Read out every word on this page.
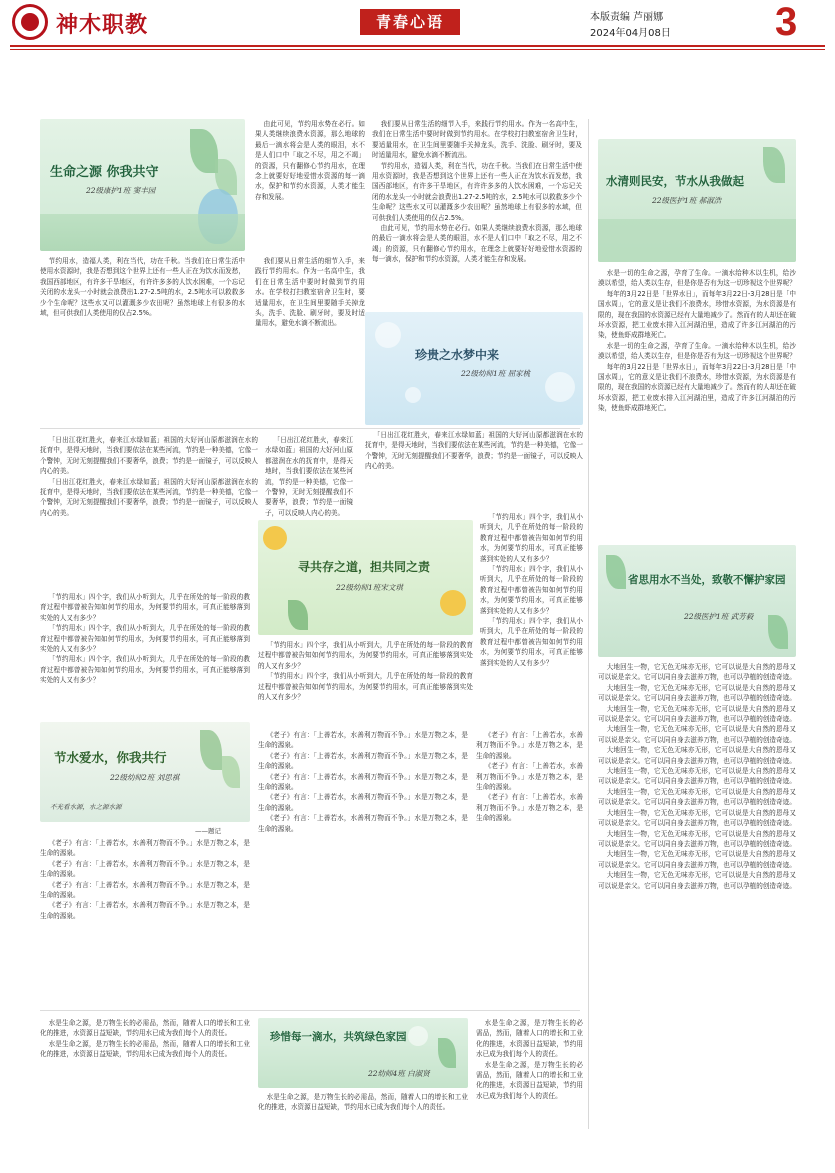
神木职教	青春心语	本版责编 芦丽娜
2024年04月08日	3
生命之源 你我共守
22级康护1班 窦丰园

节约用水，造福人类，利在当代，功在千秋。当我们在日常生活中使用水资源时，我是否想到这个世界上还有一些人正在为饮水而发愁，我国西部地区，有许多干旱地区，有许许多多的人饮水困难，一个忘记关闭的水龙头一小时就会浪费出1.27-2.5吨的水，2.5吨水可以救救多少个生命呢？这些水又可以灌溉多少农田呢？虽然地球上有很多的水域，但可供我们人类使用的仅占2.5%。

由此可见，节约用水势在必行。如果人类继续浪费水资源，那么地球的最后一滴水将会是人类的眼泪，水不是人们口中「取之不尽，用之不竭」的资源，只有翻修心节约用水，在理念上就要好好地爱惜水资源的每一滴水，保护和节约水资源，人类才能生存和发展。

我们要从日常生活的细节入手，来践行节约用水。作为一名高中生，我们在日常生活中要时时做到节约用水。在学校打扫教室宿舍卫生时，要适量用水，在卫生间里要随手关掉龙头，洗手、洗脸、刷牙时，要及时适量用水，避免水滴不断流出。

我们要从日常生活的细节入手，来践行节约用水。作为一名高中生，我们在日常生活中要时时做到节约用水。在学校打扫教室宿舍卫生时，要适量用水，在卫生间里要随手关掉龙头，洗手、洗脸、刷牙时，要及时适量用水，避免水滴不断流出。

节约用水，造福人类，利在当代，功在千秋。当我们在日常生活中使用水资源时，我是否想到这个世界上还有一些人正在为饮水而发愁，我国西部地区，有许多干旱地区，有许许多多的人饮水困难，一个忘记关闭的水龙头一小时就会浪费出1.27-2.5吨的水，2.5吨水可以救救多少个生命呢？这些水又可以灌溉多少农田呢？虽然地球上有很多的水域，但可供我们人类使用的仅占2.5%。

由此可见，节约用水势在必行。如果人类继续浪费水资源，那么地球的最后一滴水将会是人类的眼泪，水不是人们口中「取之不尽，用之不竭」的资源，只有翻修心节约用水，在理念上就要好好地爱惜水资源的每一滴水，保护和节约水资源，人类才能生存和发展。

水清则民安，节水从我做起
22级医护1班 郝淑浩

水是一切的生命之源，孕育了生命。一滴水给种木以生机，给沙漠以希望，给人类以生存，但是你是否有为这一切珍视这个世界呢？

每年的3月22日是「世界水日」，而每年3月22日-3月28日是「中国水周」，它的意义是让我们不浪费水，珍惜水资源，为水资源是有限的，现在我国的水资源已经有大量地减少了。然而有的人却还在破坏水资源，把工业废水排入江河湖泊里，造成了许多江河湖泊的污染，使鱼虾成群地死亡。

水是一切的生命之源，孕育了生命。一滴水给种木以生机，给沙漠以希望，给人类以生存，但是你是否有为这一切珍视这个世界呢？

每年的3月22日是「世界水日」，而每年3月22日-3月28日是「中国水周」，它的意义是让我们不浪费水，珍惜水资源，为水资源是有限的，现在我国的水资源已经有大量地减少了。然而有的人却还在破坏水资源，把工业废水排入江河湖泊里，造成了许多江河湖泊的污染，使鱼虾成群地死亡。

「日出江花红胜火，春来江水绿如蓝」祖国的大好河山原都滋润在水的抚育中，是得天地时，当我们要依法在某些河流，节约是一种美德，它像一个警钟，无时无刻提醒我们不要奢华，浪费；节约是一面镜子，可以反映人内心的美。

「日出江花红胜火，春来江水绿如蓝」祖国的大好河山原都滋润在水的抚育中，是得天地时，当我们要依法在某些河流，节约是一种美德，它像一个警钟，无时无刻提醒我们不要奢华，浪费；节约是一面镜子，可以反映人内心的美。

「日出江花红胜火，春来江水绿如蓝」祖国的大好河山原都滋润在水的抚育中，是得天地时，当我们要依法在某些河流，节约是一种美德，它像一个警钟，无时无刻提醒我们不要奢华，浪费；节约是一面镜子，可以反映人内心的美。

珍贵之水梦中来
22级幼师1班 屈家桃

「日出江花红胜火，春来江水绿如蓝」祖国的大好河山原都滋润在水的抚育中，是得天地时，当我们要依法在某些河流，节约是一种美德，它像一个警钟，无时无刻提醒我们不要奢华，浪费；节约是一面镜子，可以反映人内心的美。

寻共存之道，担共同之责
22级幼师1班宋文琪

「节约用水」四个字，我们从小听到大，几乎在所处的每一阶段的教育过程中都曾被告知如何节约用水，为何要节约用水，可真正能够落到实处的人又有多少？

「节约用水」四个字，我们从小听到大，几乎在所处的每一阶段的教育过程中都曾被告知如何节约用水，为何要节约用水，可真正能够落到实处的人又有多少？

「节约用水」四个字，我们从小听到大，几乎在所处的每一阶段的教育过程中都曾被告知如何节约用水，为何要节约用水，可真正能够落到实处的人又有多少？

「节约用水」四个字，我们从小听到大，几乎在所处的每一阶段的教育过程中都曾被告知如何节约用水，为何要节约用水，可真正能够落到实处的人又有多少？

「节约用水」四个字，我们从小听到大，几乎在所处的每一阶段的教育过程中都曾被告知如何节约用水，为何要节约用水，可真正能够落到实处的人又有多少？

「节约用水」四个字，我们从小听到大，几乎在所处的每一阶段的教育过程中都曾被告知如何节约用水，为何要节约用水，可真正能够落到实处的人又有多少？

「节约用水」四个字，我们从小听到大，几乎在所处的每一阶段的教育过程中都曾被告知如何节约用水，为何要节约用水，可真正能够落到实处的人又有多少？

「节约用水」四个字，我们从小听到大，几乎在所处的每一阶段的教育过程中都曾被告知如何节约用水，为何要节约用水，可真正能够落到实处的人又有多少？

省思用水不当处，致敬不懈护家园
22级医护1班 武芳毅

大地回生一物，它无色无味亦无形，它可以说是大自然的恩母又可以说是亲父。它可以同自身去滋养万物，也可以孕植的创造奇迹。

大地回生一物，它无色无味亦无形，它可以说是大自然的恩母又可以说是亲父。它可以同自身去滋养万物，也可以孕植的创造奇迹。

大地回生一物，它无色无味亦无形，它可以说是大自然的恩母又可以说是亲父。它可以同自身去滋养万物，也可以孕植的创造奇迹。

大地回生一物，它无色无味亦无形，它可以说是大自然的恩母又可以说是亲父。它可以同自身去滋养万物，也可以孕植的创造奇迹。

大地回生一物，它无色无味亦无形，它可以说是大自然的恩母又可以说是亲父。它可以同自身去滋养万物，也可以孕植的创造奇迹。

大地回生一物，它无色无味亦无形，它可以说是大自然的恩母又可以说是亲父。它可以同自身去滋养万物，也可以孕植的创造奇迹。

大地回生一物，它无色无味亦无形，它可以说是大自然的恩母又可以说是亲父。它可以同自身去滋养万物，也可以孕植的创造奇迹。

大地回生一物，它无色无味亦无形，它可以说是大自然的恩母又可以说是亲父。它可以同自身去滋养万物，也可以孕植的创造奇迹。

大地回生一物，它无色无味亦无形，它可以说是大自然的恩母又可以说是亲父。它可以同自身去滋养万物，也可以孕植的创造奇迹。

大地回生一物，它无色无味亦无形，它可以说是大自然的恩母又可以说是亲父。它可以同自身去滋养万物，也可以孕植的创造奇迹。

大地回生一物，它无色无味亦无形，它可以说是大自然的恩母又可以说是亲父。它可以同自身去滋养万物，也可以孕植的创造奇迹。

节水爱水，你我共行
22级幼师2班 刘思祺
不光看水源，水之源水源
——题记

《老子》有言：「上善若水，水善利万物而不争。」水是万物之本，是生命的源泉。

《老子》有言：「上善若水，水善利万物而不争。」水是万物之本，是生命的源泉。

《老子》有言：「上善若水，水善利万物而不争。」水是万物之本，是生命的源泉。

《老子》有言：「上善若水，水善利万物而不争。」水是万物之本，是生命的源泉。

《老子》有言：「上善若水，水善利万物而不争。」水是万物之本，是生命的源泉。

《老子》有言：「上善若水，水善利万物而不争。」水是万物之本，是生命的源泉。

《老子》有言：「上善若水，水善利万物而不争。」水是万物之本，是生命的源泉。

《老子》有言：「上善若水，水善利万物而不争。」水是万物之本，是生命的源泉。

《老子》有言：「上善若水，水善利万物而不争。」水是万物之本，是生命的源泉。

《老子》有言：「上善若水，水善利万物而不争。」水是万物之本，是生命的源泉。

《老子》有言：「上善若水，水善利万物而不争。」水是万物之本，是生命的源泉。

《老子》有言：「上善若水，水善利万物而不争。」水是万物之本，是生命的源泉。

水是生命之源，是万物生长的必需品，然而，随着人口的增长和工业化的推进，水资源日益短缺，节约用水已成为我们每个人的责任。

水是生命之源，是万物生长的必需品，然而，随着人口的增长和工业化的推进，水资源日益短缺，节约用水已成为我们每个人的责任。

珍惜每一滴水，共筑绿色家园
22幼师4班 白淑贤

水是生命之源，是万物生长的必需品，然而，随着人口的增长和工业化的推进，水资源日益短缺，节约用水已成为我们每个人的责任。

水是生命之源，是万物生长的必需品，然而，随着人口的增长和工业化的推进，水资源日益短缺，节约用水已成为我们每个人的责任。

水是生命之源，是万物生长的必需品，然而，随着人口的增长和工业化的推进，水资源日益短缺，节约用水已成为我们每个人的责任。
